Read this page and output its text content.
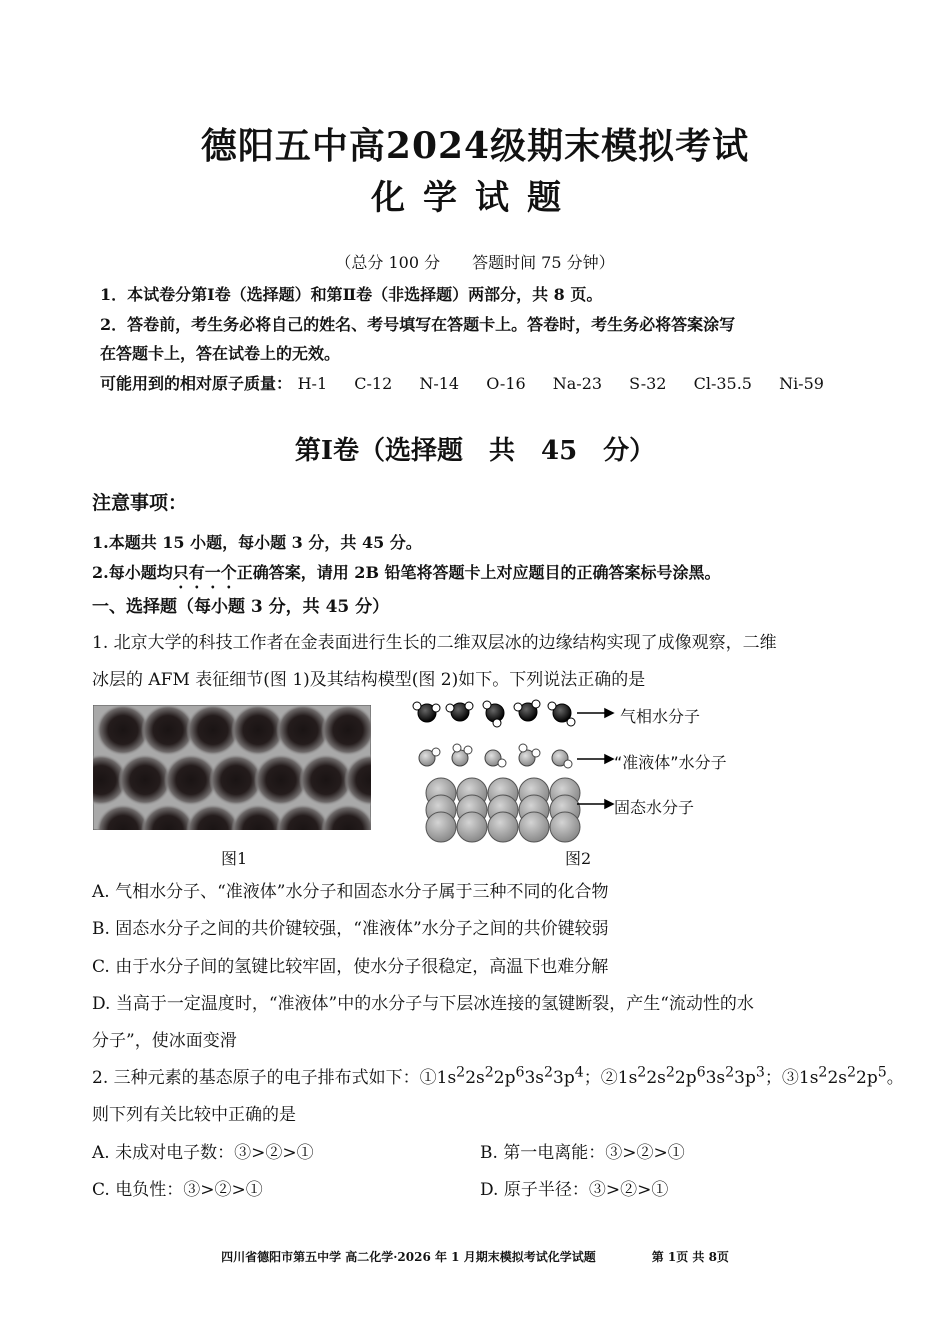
德阳五中高2024级期末模拟考试
化学试题
（总分 100 分　　答题时间 75 分钟）
1．本试卷分第Ⅰ卷（选择题）和第Ⅱ卷（非选择题）两部分，共 8 页。
2．答卷前，考生务必将自己的姓名、考号填写在答题卡上。答卷时，考生务必将答案涂写
在答题卡上，答在试卷上的无效。
可能用到的相对原子质量： H-1 C-12 N-14 O-16 Na-23 S-32 Cl-35.5 Ni-59
第Ⅰ卷（选择题　共　45　分）
注意事项：
1.本题共 15 小题，每小题 3 分，共 45 分。
2.每小题均只有一个正确答案，请用 2B 铅笔将答题卡上对应题目的正确答案标号涂黑。
一、选择题（每小题 3 分，共 45 分）
1. 北京大学的科技工作者在金表面进行生长的二维双层冰的边缘结构实现了成像观察，二维
冰层的 AFM 表征细节(图 1)及其结构模型(图 2)如下。下列说法正确的是
气相水分子
“准液体”水分子
固态水分子
图1	图2
A. 气相水分子、“准液体”水分子和固态水分子属于三种不同的化合物
B. 固态水分子之间的共价键较强，“准液体”水分子之间的共价键较弱
C. 由于水分子间的氢键比较牢固，使水分子很稳定，高温下也难分解
D. 当高于一定温度时，“准液体”中的水分子与下层冰连接的氢键断裂，产生“流动性的水
分子”，使冰面变滑
2. 三种元素的基态原子的电子排布式如下：$①1s^22s^22p^63s^23p^4$；$②1s^22s^22p^63s^23p^3$；$③1s^22s^22p^5$。
则下列有关比较中正确的是
A. 未成对电子数：③>②>①	B. 第一电离能：③>②>①
C. 电负性：③>②>①	D. 原子半径：③>②>①
四川省德阳市第五中学 高二化学·2026 年 1 月期末模拟考试化学试题	第 1页 共 8页
